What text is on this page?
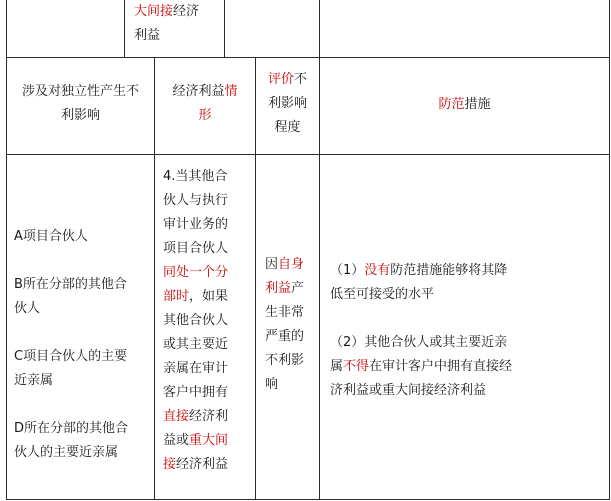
大间接经济
利益
涉及对独立性产生不
利影响
经济利益情
形
评价不
利影响
程度
防范措施
A项目合伙人
B所在分部的其他合
伙人
C项目合伙人的主要
近亲属
D所在分部的其他合
伙人的主要近亲属
4.当其他合
伙人与执行
审计业务的
项目合伙人
同处一个分
部时，如果
其他合伙人
或其主要近
亲属在审计
客户中拥有
直接经济利
益或重大间
接经济利益
因自身
利益产
生非常
严重的
不利影
响
（1）没有防范措施能够将其降
低至可接受的水平
（2）其他合伙人或其主要近亲
属不得在审计客户中拥有直接经
济利益或重大间接经济利益
